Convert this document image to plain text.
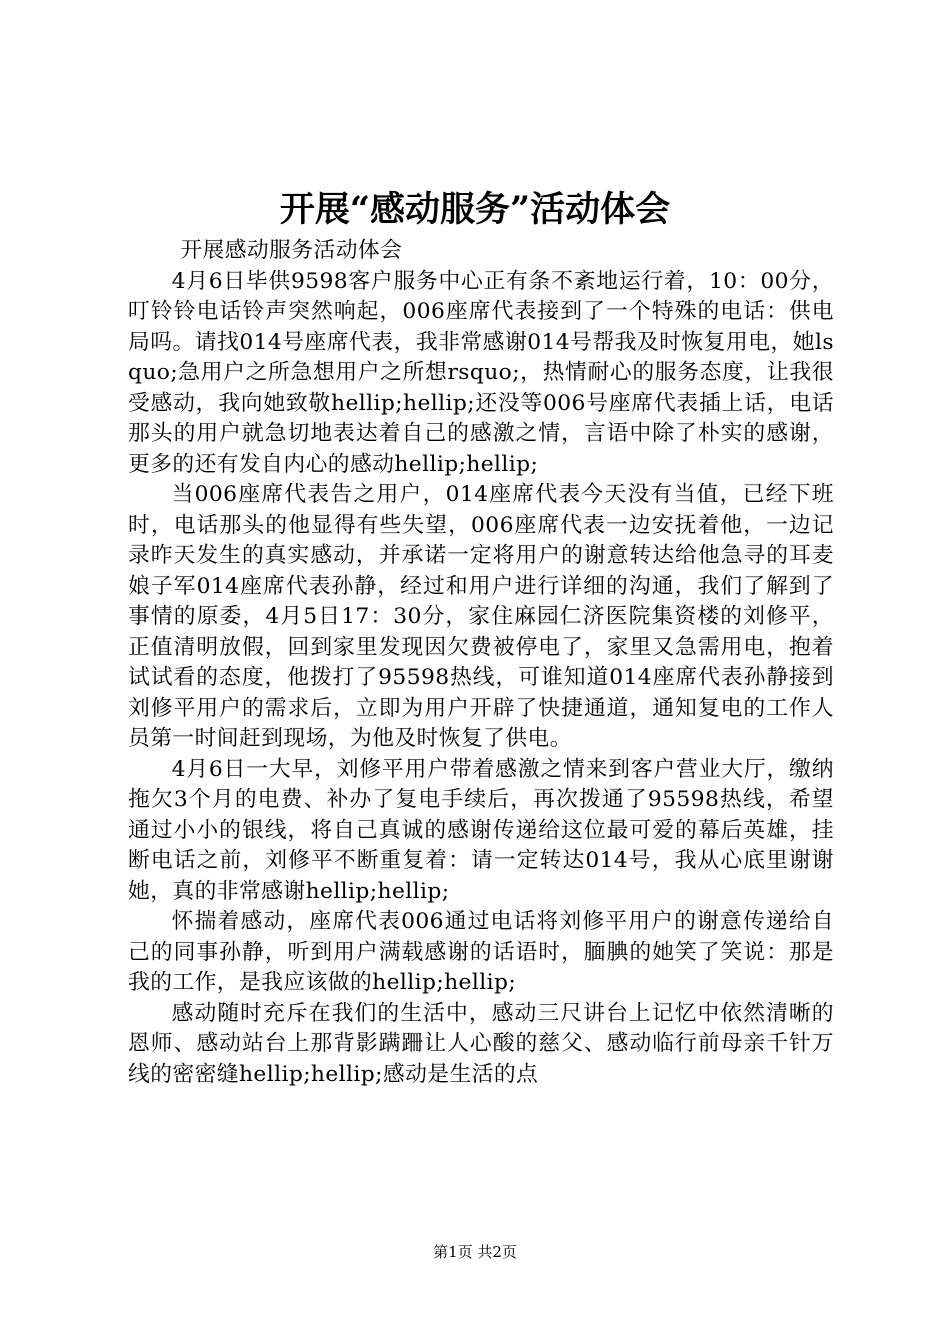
开展“感动服务”活动体会

开展感动服务活动体会

4月6日毕供9598客户服务中心正有条不紊地运行着，10：00分，叮铃铃电话铃声突然响起，006座席代表接到了一个特殊的电话：供电局吗。请找014号座席代表，我非常感谢014号帮我及时恢复用电，她lsquo;急用户之所急想用户之所想rsquo;，热情耐心的服务态度，让我很受感动，我向她致敬hellip;hellip;还没等006号座席代表插上话，电话那头的用户就急切地表达着自己的感激之情，言语中除了朴实的感谢，更多的还有发自内心的感动hellip;hellip;

当006座席代表告之用户，014座席代表今天没有当值，已经下班时，电话那头的他显得有些失望，006座席代表一边安抚着他，一边记录昨天发生的真实感动，并承诺一定将用户的谢意转达给他急寻的耳麦娘子军014座席代表孙静，经过和用户进行详细的沟通，我们了解到了事情的原委，4月5日17：30分，家住麻园仁济医院集资楼的刘修平，正值清明放假，回到家里发现因欠费被停电了，家里又急需用电，抱着试试看的态度，他拨打了95598热线，可谁知道014座席代表孙静接到刘修平用户的需求后，立即为用户开辟了快捷通道，通知复电的工作人员第一时间赶到现场，为他及时恢复了供电。

4月6日一大早，刘修平用户带着感激之情来到客户营业大厅，缴纳拖欠3个月的电费、补办了复电手续后，再次拨通了95598热线，希望通过小小的银线，将自己真诚的感谢传递给这位最可爱的幕后英雄，挂断电话之前，刘修平不断重复着：请一定转达014号，我从心底里谢谢她，真的非常感谢hellip;hellip;

怀揣着感动，座席代表006通过电话将刘修平用户的谢意传递给自己的同事孙静，听到用户满载感谢的话语时，腼腆的她笑了笑说：那是我的工作，是我应该做的hellip;hellip;

感动随时充斥在我们的生活中，感动三尺讲台上记忆中依然清晰的恩师、感动站台上那背影蹒跚让人心酸的慈父、感动临行前母亲千针万线的密密缝hellip;hellip;感动是生活的点

第1页 共2页
